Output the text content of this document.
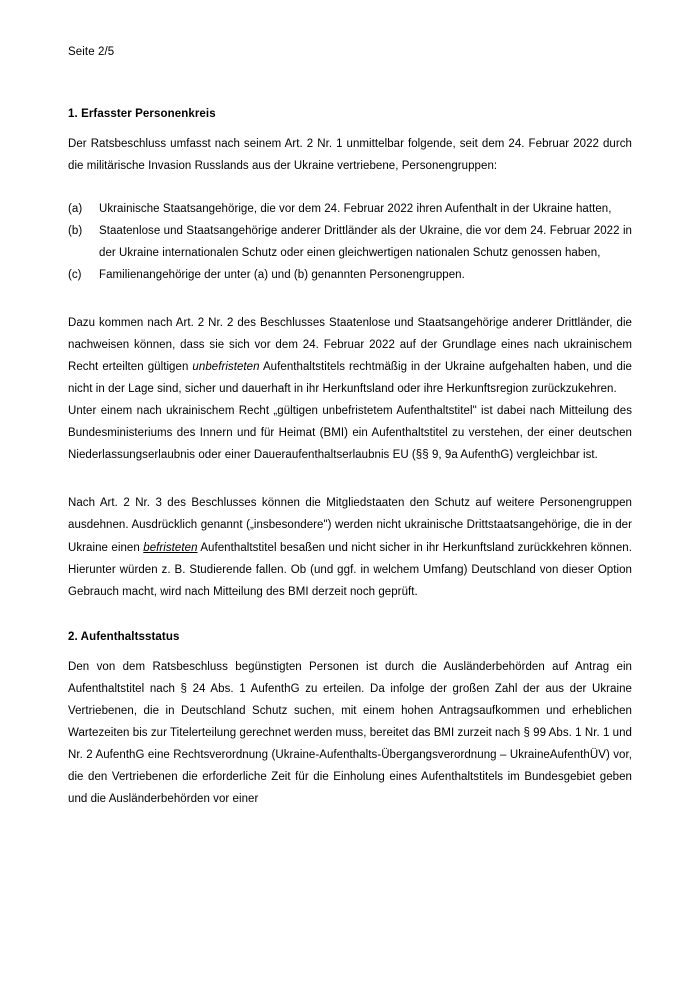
Seite 2/5
1. Erfasster Personenkreis

Der Ratsbeschluss umfasst nach seinem Art. 2 Nr. 1 unmittelbar folgende, seit dem 24. Februar 2022 durch die militärische Invasion Russlands aus der Ukraine vertriebene, Personengruppen:

(a) Ukrainische Staatsangehörige, die vor dem 24. Februar 2022 ihren Aufenthalt in der Ukraine hatten,
(b) Staatenlose und Staatsangehörige anderer Drittländer als der Ukraine, die vor dem 24. Februar 2022 in der Ukraine internationalen Schutz oder einen gleichwertigen nationalen Schutz genossen haben,
(c) Familienangehörige der unter (a) und (b) genannten Personengruppen.

Dazu kommen nach Art. 2 Nr. 2 des Beschlusses Staatenlose und Staatsangehörige anderer Drittländer, die nachweisen können, dass sie sich vor dem 24. Februar 2022 auf der Grundlage eines nach ukrainischem Recht erteilten gültigen unbefristeten Aufenthaltstitels rechtmäßig in der Ukraine aufgehalten haben, und die nicht in der Lage sind, sicher und dauerhaft in ihr Herkunftsland oder ihre Herkunftsregion zurückzukehren.

Unter einem nach ukrainischem Recht „gültigen unbefristetem Aufenthaltstitel" ist dabei nach Mitteilung des Bundesministeriums des Innern und für Heimat (BMI) ein Aufenthaltstitel zu verstehen, der einer deutschen Niederlassungserlaubnis oder einer Daueraufenthaltserlaubnis EU (§§ 9, 9a AufenthG) vergleichbar ist.

Nach Art. 2 Nr. 3 des Beschlusses können die Mitgliedstaaten den Schutz auf weitere Personengruppen ausdehnen. Ausdrücklich genannt („insbesondere") werden nicht ukrainische Drittstaatsangehörige, die in der Ukraine einen befristeten Aufenthaltstitel besaßen und nicht sicher in ihr Herkunftsland zurückkehren können. Hierunter würden z. B. Studierende fallen. Ob (und ggf. in welchem Umfang) Deutschland von dieser Option Gebrauch macht, wird nach Mitteilung des BMI derzeit noch geprüft.

2. Aufenthaltsstatus

Den von dem Ratsbeschluss begünstigten Personen ist durch die Ausländerbehörden auf Antrag ein Aufenthaltstitel nach § 24 Abs. 1 AufenthG zu erteilen. Da infolge der großen Zahl der aus der Ukraine Vertriebenen, die in Deutschland Schutz suchen, mit einem hohen Antragsaufkommen und erheblichen Wartezeiten bis zur Titelerteilung gerechnet werden muss, bereitet das BMI zurzeit nach § 99 Abs. 1 Nr. 1 und Nr. 2 AufenthG eine Rechtsverordnung (Ukraine-Aufenthalts-Übergangsverordnung – UkraineAufenthÜV) vor, die den Vertriebenen die erforderliche Zeit für die Einholung eines Aufenthaltstitels im Bundesgebiet geben und die Ausländerbehörden vor einer
